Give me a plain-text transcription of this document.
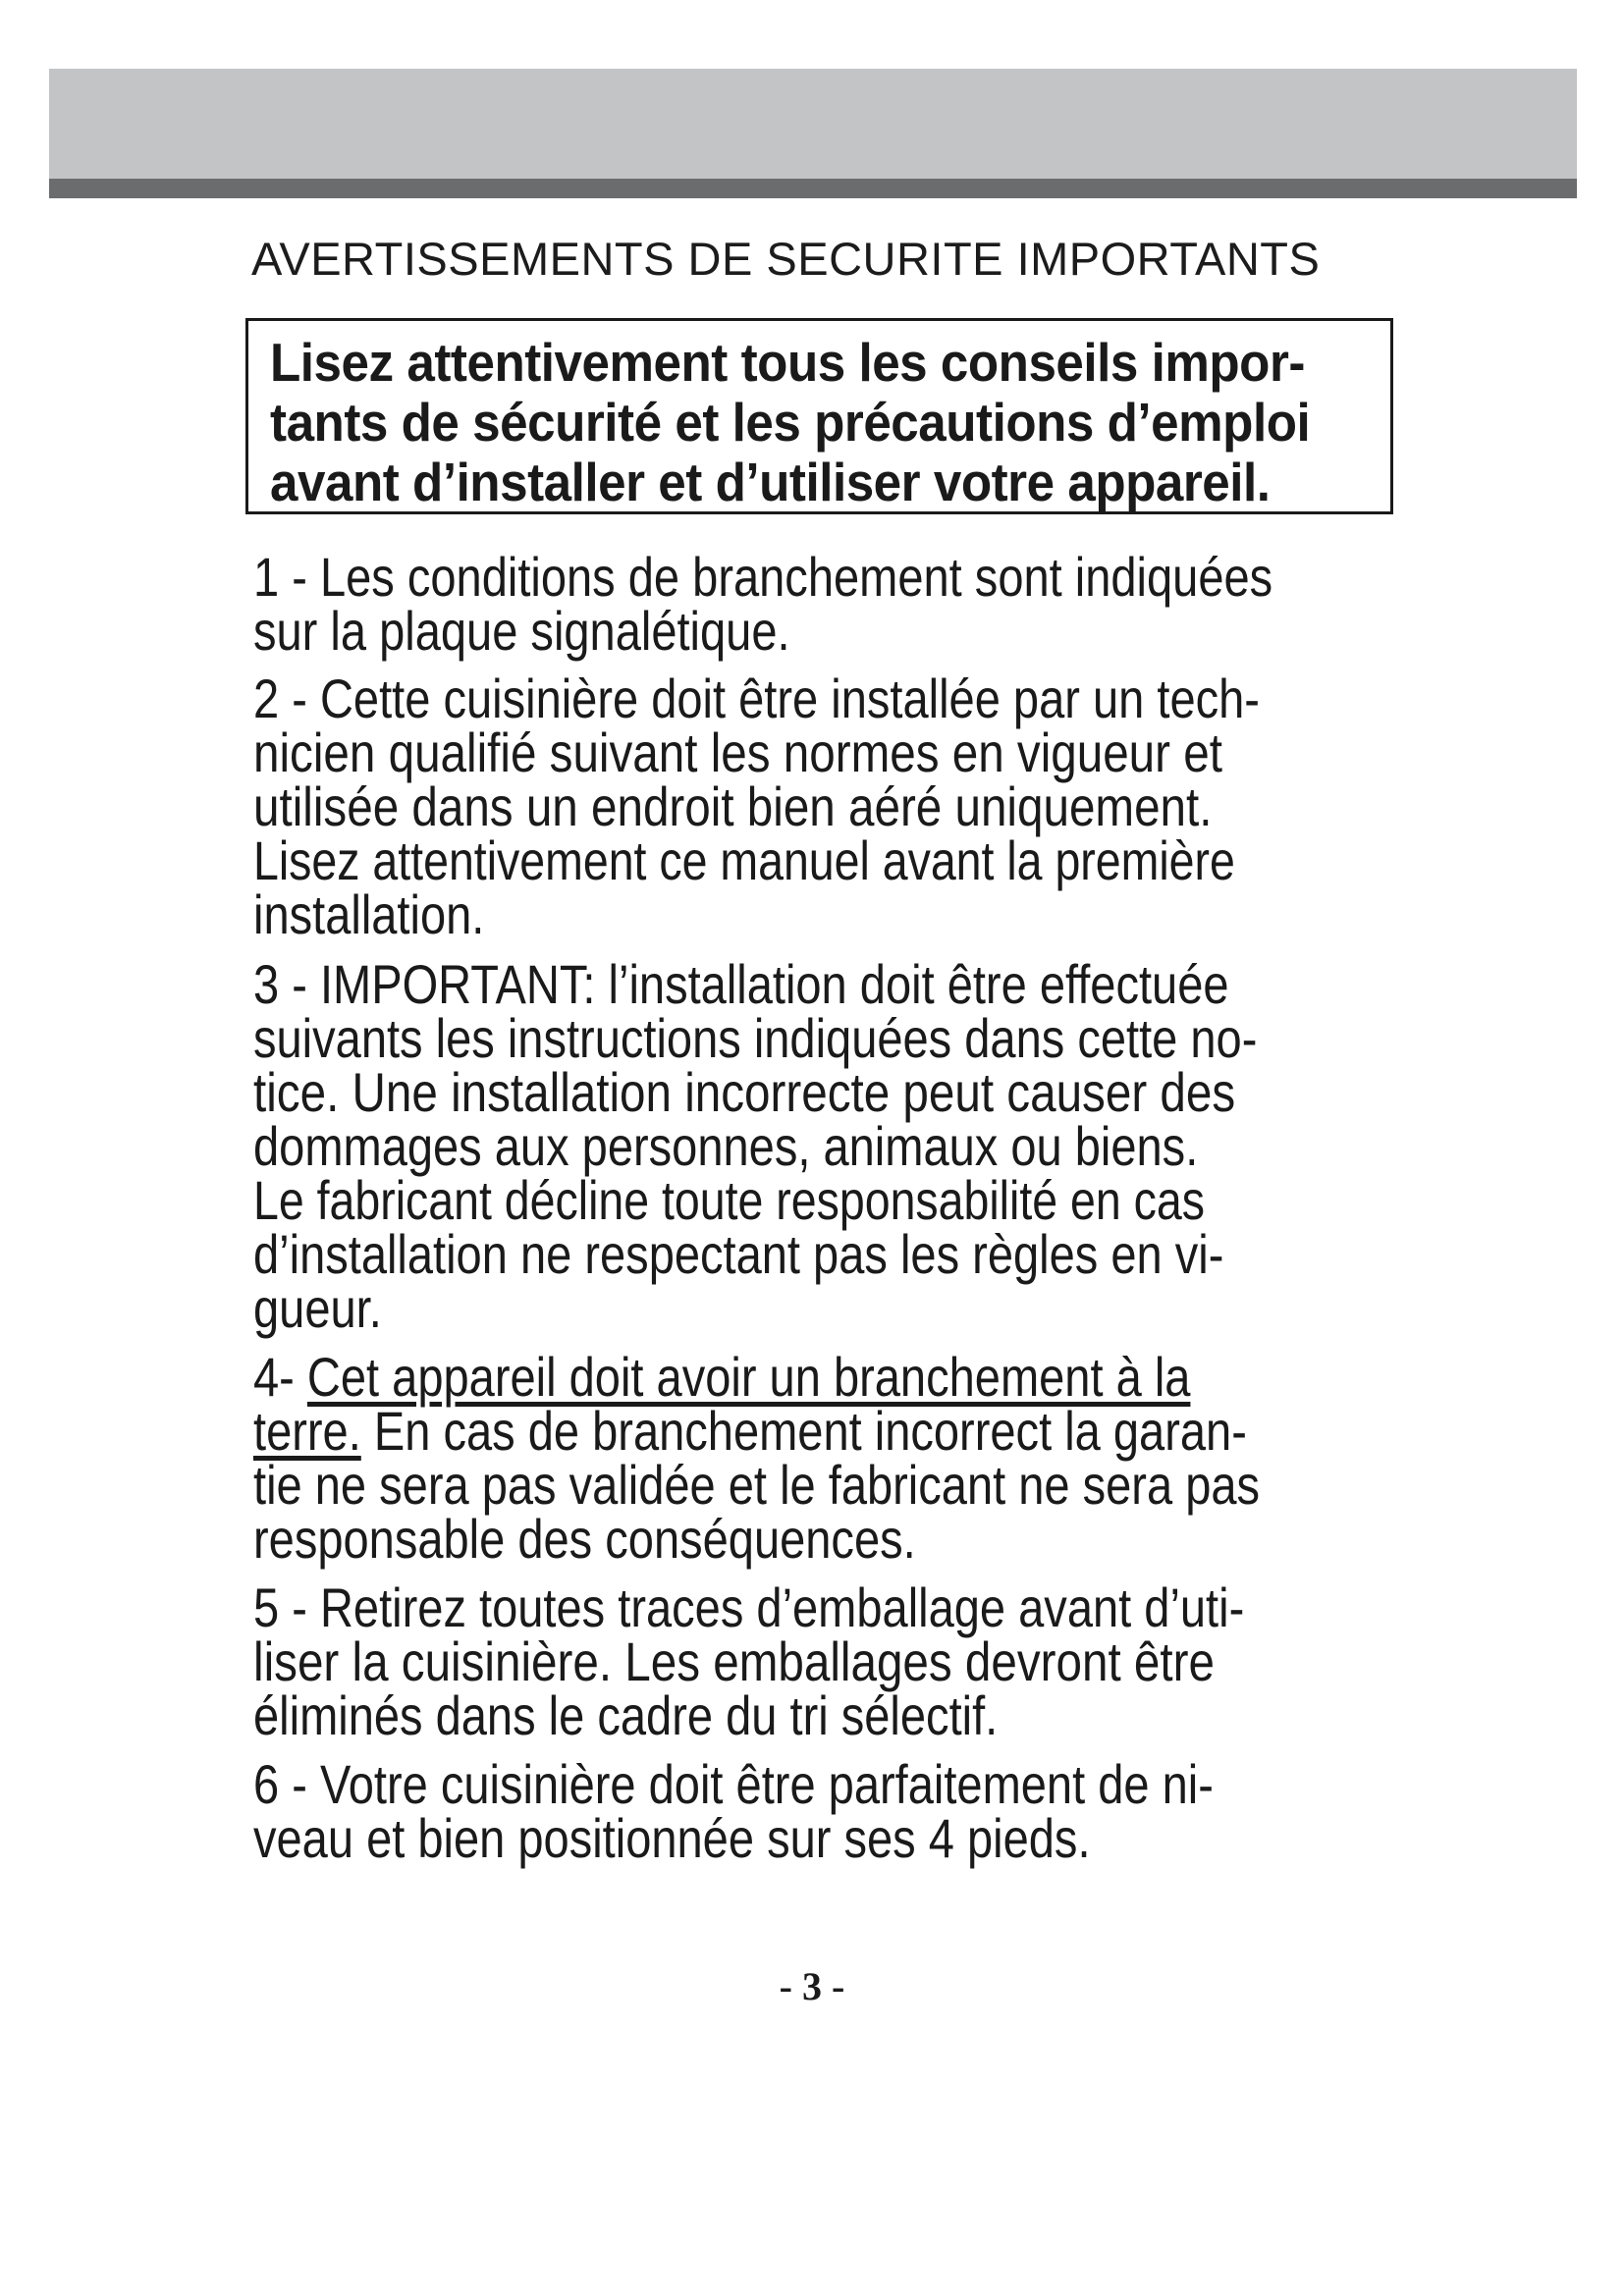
AVERTISSEMENTS DE SECURITE IMPORTANTS
Lisez attentivement tous les conseils impor-
tants de sécurité et les précautions d’emploi
avant d’installer et d’utiliser votre appareil.
1 - Les conditions de branchement sont indiquées
sur la plaque signalétique.
2 - Cette cuisinière doit être installée par un tech-
nicien qualifié suivant les normes en vigueur et
utilisée dans un endroit bien aéré uniquement.
Lisez attentivement ce manuel avant la première
installation.
3 - IMPORTANT: l’installation doit être effectuée
suivants les instructions indiquées dans cette no-
tice. Une installation incorrecte peut causer des
dommages aux personnes, animaux ou biens.
Le fabricant décline toute responsabilité en cas
d’installation ne respectant pas les règles en vi-
gueur.
4- Cet appareil doit avoir un branchement à la
terre. En cas de branchement incorrect la garan-
tie ne sera pas validée et le fabricant ne sera pas
responsable des conséquences.
5 - Retirez toutes traces d’emballage avant d’uti-
liser la cuisinière. Les emballages devront être
éliminés dans le cadre du tri sélectif.
6 - Votre cuisinière doit être parfaitement de ni-
veau et bien positionnée sur ses 4 pieds.
- 3 -
